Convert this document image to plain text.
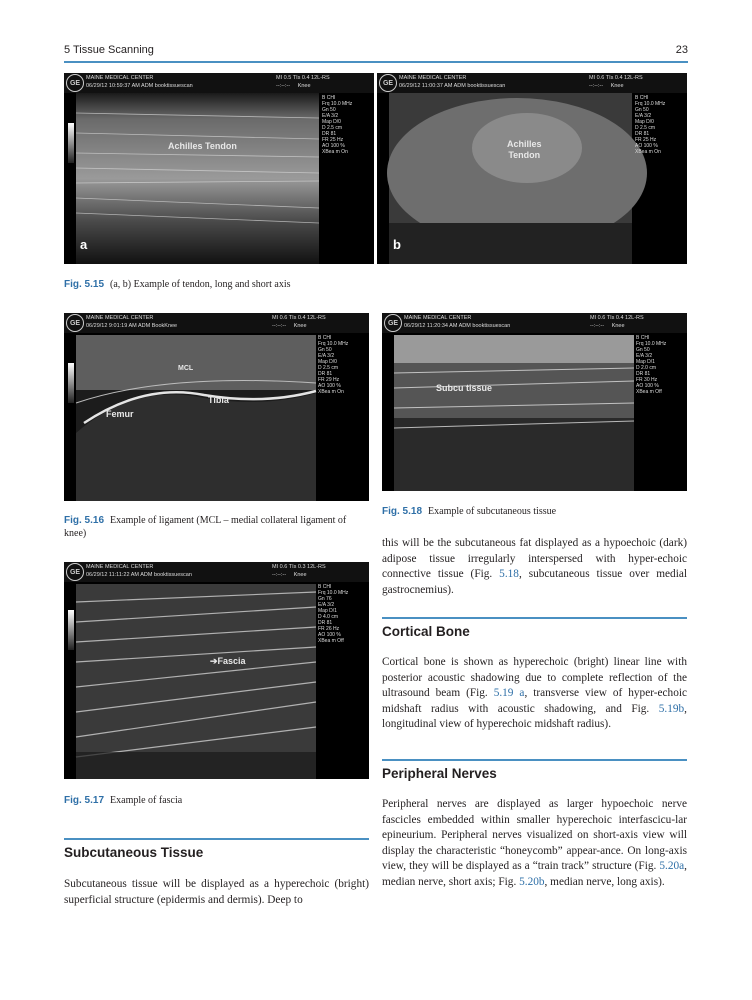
5 Tissue Scanning	23
GE
MAINE MEDICAL CENTER
06/29/12 10:59:37 AM ADM booktissuescan
MI 0.5 TIs 0.4 12L-RS
--:--:-- Knee
B CHI
Frq 10.0 MHz
Gn 50
E/A 3/2
Map D/0
D 2.5 cm
DR 81
FR 25 Hz
AO 100 %
XBea m On
Achilles Tendon
a
GE
MAINE MEDICAL CENTER
06/29/12 11:00:37 AM ADM booktissuescan
MI 0.6 TIs 0.4 12L-RS
--:--:-- Knee
B CHI
Frq 10.0 MHz
Gn 50
E/A 3/2
Map D/0
D 2.5 cm
DR 81
FR 25 Hz
AO 100 %
XBea m On
Achilles
Tendon
b
Fig. 5.15 (a, b) Example of tendon, long and short axis
GE
MAINE MEDICAL CENTER
06/29/12 9:01:19 AM ADM BookKnee
MI 0.6 TIs 0.4 12L-RS
--:--:-- Knee
B CHI
Frq 10.0 MHz
Gn 50
E/A 3/2
Map D/0
D 2.5 cm
DR 81
FR 29 Hz
AO 100 %
XBea m On
MCL
Tibia
Femur
Fig. 5.16 Example of ligament (MCL – medial collateral ligament of knee)
GE
MAINE MEDICAL CENTER
06/29/12 11:20:34 AM ADM booktissuescan
MI 0.6 TIs 0.4 12L-RS
--:--:-- Knee
B CHI
Frq 10.0 MHz
Gn 50
E/A 3/2
Map D/1
D 2.0 cm
DR 81
FR 30 Hz
AO 100 %
XBea m Off
Subcu tissue
Fig. 5.18 Example of subcutaneous tissue
GE
MAINE MEDICAL CENTER
06/29/12 11:11:22 AM ADM booktissuescan
MI 0.6 TIs 0.3 12L-RS
--:--:-- Knee
B CHI
Frq 10.0 MHz
Gn 76
E/A 3/2
Map D/1
D 4.0 cm
DR 81
FR 26 Hz
AO 100 %
XBea m Off
➔Fascia
Fig. 5.17 Example of fascia
Subcutaneous Tissue
Subcutaneous tissue will be displayed as a hyperechoic (bright) superficial structure (epidermis and dermis). Deep to
this will be the subcutaneous fat displayed as a hypoechoic (dark) adipose tissue irregularly interspersed with hyper-echoic connective tissue (Fig. 5.18, subcutaneous tissue over medial gastrocnemius).
Cortical Bone
Cortical bone is shown as hyperechoic (bright) linear line with posterior acoustic shadowing due to complete reflection of the ultrasound beam (Fig. 5.19 a, transverse view of hyper-echoic midshaft radius with acoustic shadowing, and Fig. 5.19b, longitudinal view of hyperechoic midshaft radius).
Peripheral Nerves
Peripheral nerves are displayed as larger hypoechoic nerve fascicles embedded within smaller hyperechoic interfascicu-lar epineurium. Peripheral nerves visualized on short-axis view will display the characteristic “honeycomb” appear-ance. On long-axis view, they will be displayed as a “train track” structure (Fig. 5.20a, median nerve, short axis; Fig. 5.20b, median nerve, long axis).
